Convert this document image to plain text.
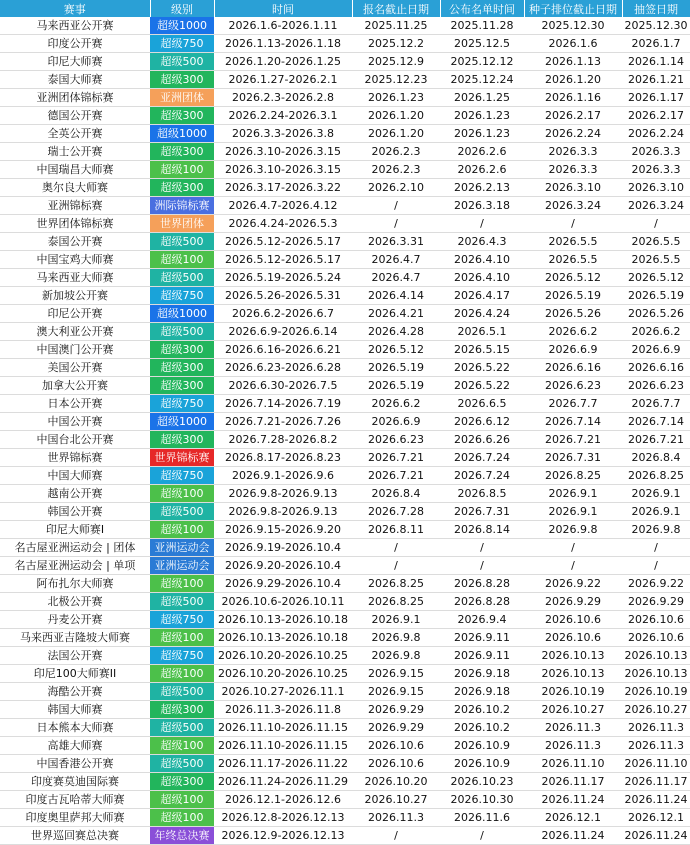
赛事	级别	时间	报名截止日期	公布名单时间	种子排位截止日期	抽签日期
马来西亚公开赛	超级1000	2026.1.6-2026.1.11	2025.11.25	2025.11.28	2025.12.30	2025.12.30
印度公开赛	超级750	2026.1.13-2026.1.18	2025.12.2	2025.12.5	2026.1.6	2026.1.7
印尼大师赛	超级500	2026.1.20-2026.1.25	2025.12.9	2025.12.12	2026.1.13	2026.1.14
泰国大师赛	超级300	2026.1.27-2026.2.1	2025.12.23	2025.12.24	2026.1.20	2026.1.21
亚洲团体锦标赛	亚洲团体	2026.2.3-2026.2.8	2026.1.23	2026.1.25	2026.1.16	2026.1.17
德国公开赛	超级300	2026.2.24-2026.3.1	2026.1.20	2026.1.23	2026.2.17	2026.2.17
全英公开赛	超级1000	2026.3.3-2026.3.8	2026.1.20	2026.1.23	2026.2.24	2026.2.24
瑞士公开赛	超级300	2026.3.10-2026.3.15	2026.2.3	2026.2.6	2026.3.3	2026.3.3
中国瑞昌大师赛	超级100	2026.3.10-2026.3.15	2026.2.3	2026.2.6	2026.3.3	2026.3.3
奥尔良大师赛	超级300	2026.3.17-2026.3.22	2026.2.10	2026.2.13	2026.3.10	2026.3.10
亚洲锦标赛	洲际锦标赛	2026.4.7-2026.4.12	/	2026.3.18	2026.3.24	2026.3.24
世界团体锦标赛	世界团体	2026.4.24-2026.5.3	/	/	/	/
泰国公开赛	超级500	2026.5.12-2026.5.17	2026.3.31	2026.4.3	2026.5.5	2026.5.5
中国宝鸡大师赛	超级100	2026.5.12-2026.5.17	2026.4.7	2026.4.10	2026.5.5	2026.5.5
马来西亚大师赛	超级500	2026.5.19-2026.5.24	2026.4.7	2026.4.10	2026.5.12	2026.5.12
新加坡公开赛	超级750	2026.5.26-2026.5.31	2026.4.14	2026.4.17	2026.5.19	2026.5.19
印尼公开赛	超级1000	2026.6.2-2026.6.7	2026.4.21	2026.4.24	2026.5.26	2026.5.26
澳大利亚公开赛	超级500	2026.6.9-2026.6.14	2026.4.28	2026.5.1	2026.6.2	2026.6.2
中国澳门公开赛	超级300	2026.6.16-2026.6.21	2026.5.12	2026.5.15	2026.6.9	2026.6.9
美国公开赛	超级300	2026.6.23-2026.6.28	2026.5.19	2026.5.22	2026.6.16	2026.6.16
加拿大公开赛	超级300	2026.6.30-2026.7.5	2026.5.19	2026.5.22	2026.6.23	2026.6.23
日本公开赛	超级750	2026.7.14-2026.7.19	2026.6.2	2026.6.5	2026.7.7	2026.7.7
中国公开赛	超级1000	2026.7.21-2026.7.26	2026.6.9	2026.6.12	2026.7.14	2026.7.14
中国台北公开赛	超级300	2026.7.28-2026.8.2	2026.6.23	2026.6.26	2026.7.21	2026.7.21
世界锦标赛	世界锦标赛	2026.8.17-2026.8.23	2026.7.21	2026.7.24	2026.7.31	2026.8.4
中国大师赛	超级750	2026.9.1-2026.9.6	2026.7.21	2026.7.24	2026.8.25	2026.8.25
越南公开赛	超级100	2026.9.8-2026.9.13	2026.8.4	2026.8.5	2026.9.1	2026.9.1
韩国公开赛	超级500	2026.9.8-2026.9.13	2026.7.28	2026.7.31	2026.9.1	2026.9.1
印尼大师赛I	超级100	2026.9.15-2026.9.20	2026.8.11	2026.8.14	2026.9.8	2026.9.8
名古屋亚洲运动会 | 团体	亚洲运动会	2026.9.19-2026.10.4	/	/	/	/
名古屋亚洲运动会 | 单项	亚洲运动会	2026.9.20-2026.10.4	/	/	/	/
阿布扎尔大师赛	超级100	2026.9.29-2026.10.4	2026.8.25	2026.8.28	2026.9.22	2026.9.22
北极公开赛	超级500	2026.10.6-2026.10.11	2026.8.25	2026.8.28	2026.9.29	2026.9.29
丹麦公开赛	超级750	2026.10.13-2026.10.18	2026.9.1	2026.9.4	2026.10.6	2026.10.6
马来西亚吉隆坡大师赛	超级100	2026.10.13-2026.10.18	2026.9.8	2026.9.11	2026.10.6	2026.10.6
法国公开赛	超级750	2026.10.20-2026.10.25	2026.9.8	2026.9.11	2026.10.13	2026.10.13
印尼100大师赛II	超级100	2026.10.20-2026.10.25	2026.9.15	2026.9.18	2026.10.13	2026.10.13
海酷公开赛	超级500	2026.10.27-2026.11.1	2026.9.15	2026.9.18	2026.10.19	2026.10.19
韩国大师赛	超级300	2026.11.3-2026.11.8	2026.9.29	2026.10.2	2026.10.27	2026.10.27
日本熊本大师赛	超级500	2026.11.10-2026.11.15	2026.9.29	2026.10.2	2026.11.3	2026.11.3
高雄大师赛	超级100	2026.11.10-2026.11.15	2026.10.6	2026.10.9	2026.11.3	2026.11.3
中国香港公开赛	超级500	2026.11.17-2026.11.22	2026.10.6	2026.10.9	2026.11.10	2026.11.10
印度赛莫迪国际赛	超级300	2026.11.24-2026.11.29	2026.10.20	2026.10.23	2026.11.17	2026.11.17
印度古瓦哈蒂大师赛	超级100	2026.12.1-2026.12.6	2026.10.27	2026.10.30	2026.11.24	2026.11.24
印度奥里萨邦大师赛	超级100	2026.12.8-2026.12.13	2026.11.3	2026.11.6	2026.12.1	2026.12.1
世界巡回赛总决赛	年终总决赛	2026.12.9-2026.12.13	/	/	2026.11.24	2026.11.24
